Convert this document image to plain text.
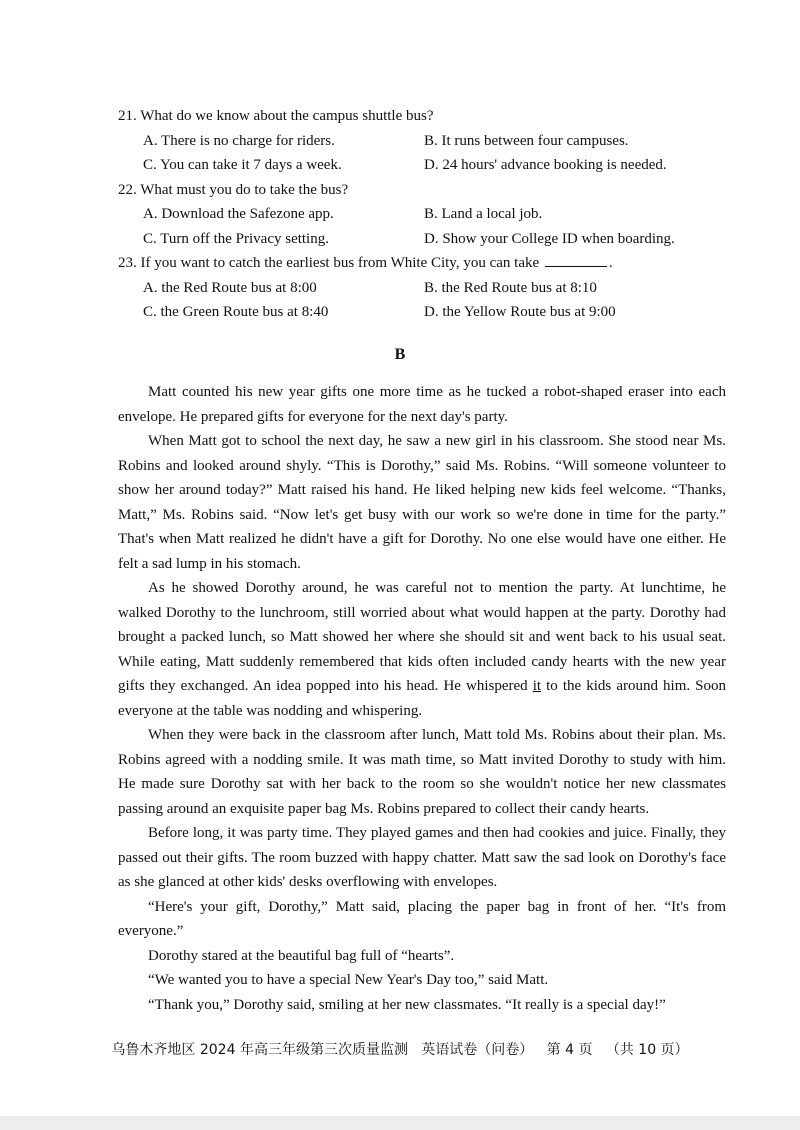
21. What do we know about the campus shuttle bus?
A. There is no charge for riders.	B. It runs between four campuses.
C. You can take it 7 days a week.	D. 24 hours' advance booking is needed.
22. What must you do to take the bus?
A. Download the Safezone app.	B. Land a local job.
C. Turn off the Privacy setting.	D. Show your College ID when boarding.
23. If you want to catch the earliest bus from White City, you can take	.
A. the Red Route bus at 8:00	B. the Red Route bus at 8:10
C. the Green Route bus at 8:40	D. the Yellow Route bus at 9:00
B

Matt counted his new year gifts one more time as he tucked a robot-shaped eraser into each envelope. He prepared gifts for everyone for the next day's party.

When Matt got to school the next day, he saw a new girl in his classroom. She stood near Ms. Robins and looked around shyly. “This is Dorothy,” said Ms. Robins. “Will someone volunteer to show her around today?” Matt raised his hand. He liked helping new kids feel welcome. “Thanks, Matt,” Ms. Robins said. “Now let's get busy with our work so we're done in time for the party.” That's when Matt realized he didn't have a gift for Dorothy. No one else would have one either. He felt a sad lump in his stomach.

As he showed Dorothy around, he was careful not to mention the party. At lunchtime, he walked Dorothy to the lunchroom, still worried about what would happen at the party. Dorothy had brought a packed lunch, so Matt showed her where she should sit and went back to his usual seat. While eating, Matt suddenly remembered that kids often included candy hearts with the new year gifts they exchanged. An idea popped into his head. He whispered it to the kids around him. Soon everyone at the table was nodding and whispering.

When they were back in the classroom after lunch, Matt told Ms. Robins about their plan. Ms. Robins agreed with a nodding smile. It was math time, so Matt invited Dorothy to study with him. He made sure Dorothy sat with her back to the room so she wouldn't notice her new classmates passing around an exquisite paper bag Ms. Robins prepared to collect their candy hearts.

Before long, it was party time. They played games and then had cookies and juice. Finally, they passed out their gifts. The room buzzed with happy chatter. Matt saw the sad look on Dorothy's face as she glanced at other kids' desks overflowing with envelopes.

“Here's your gift, Dorothy,” Matt said, placing the paper bag in front of her. “It's from everyone.”

Dorothy stared at the beautiful bag full of “hearts”.

“We wanted you to have a special New Year's Day too,” said Matt.

“Thank you,” Dorothy said, smiling at her new classmates. “It really is a special day!”

乌鲁木齐地区 2024 年高三年级第三次质量监测   英语试卷（问卷） 第 4 页 （共 10 页）
